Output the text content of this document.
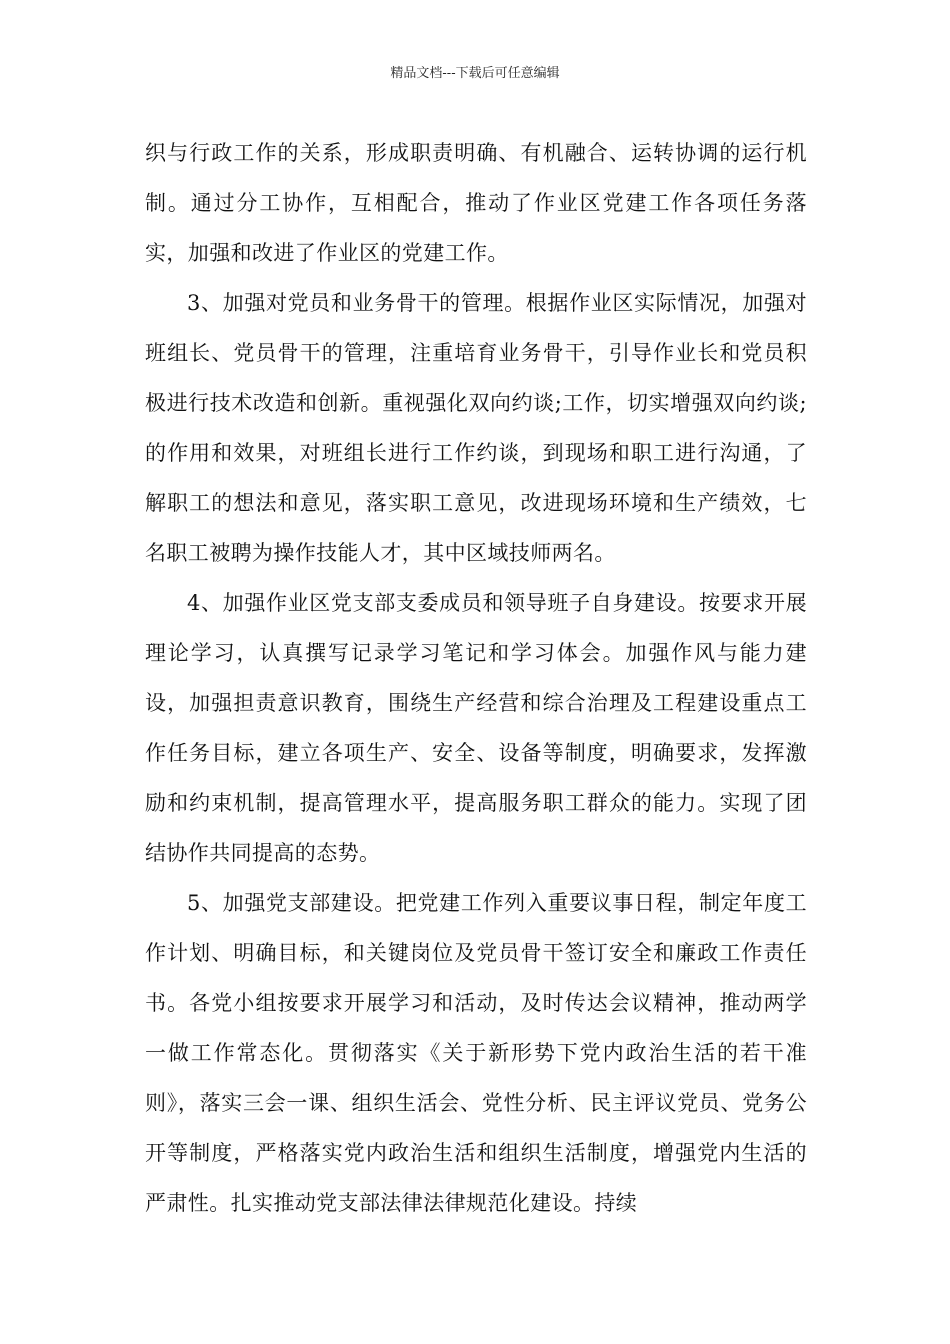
精品文档---下载后可任意编辑

织与行政工作的关系，形成职责明确、有机融合、运转协调的运行机制。通过分工协作，互相配合，推动了作业区党建工作各项任务落实，加强和改进了作业区的党建工作。

3、加强对党员和业务骨干的管理。根据作业区实际情况，加强对班组长、党员骨干的管理，注重培育业务骨干，引导作业长和党员积极进行技术改造和创新。重视强化双向约谈;工作，切实增强双向约谈;的作用和效果，对班组长进行工作约谈，到现场和职工进行沟通，了解职工的想法和意见，落实职工意见，改进现场环境和生产绩效，七名职工被聘为操作技能人才，其中区域技师两名。

4、加强作业区党支部支委成员和领导班子自身建设。按要求开展理论学习，认真撰写记录学习笔记和学习体会。加强作风与能力建设，加强担责意识教育，围绕生产经营和综合治理及工程建设重点工作任务目标，建立各项生产、安全、设备等制度，明确要求，发挥激励和约束机制，提高管理水平，提高服务职工群众的能力。实现了团结协作共同提高的态势。

5、加强党支部建设。把党建工作列入重要议事日程，制定年度工作计划、明确目标，和关键岗位及党员骨干签订安全和廉政工作责任书。各党小组按要求开展学习和活动，及时传达会议精神，推动两学一做工作常态化。贯彻落实《关于新形势下党内政治生活的若干准则》，落实三会一课、组织生活会、党性分析、民主评议党员、党务公开等制度，严格落实党内政治生活和组织生活制度，增强党内生活的严肃性。扎实推动党支部法律法律规范化建设。持续
